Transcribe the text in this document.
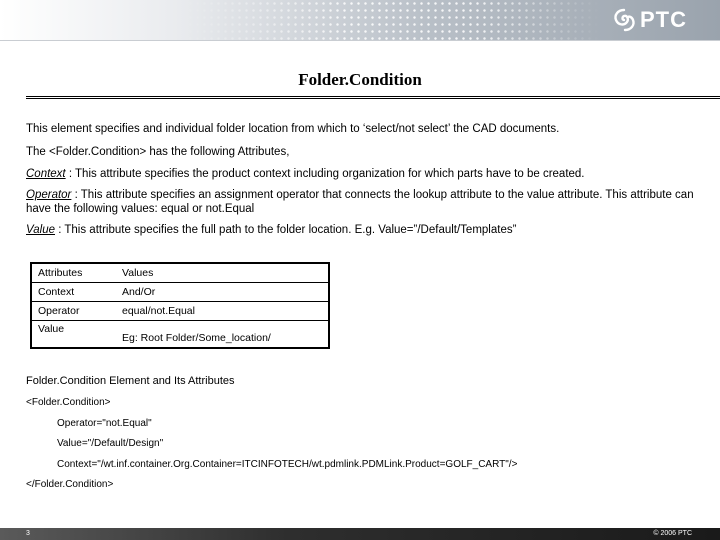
PTC
Folder.Condition
This element specifies and individual folder location from which to ‘select/not select’ the CAD documents.
The <Folder.Condition> has the following Attributes,
Context : This attribute specifies the product context including organization for which parts have to be created.
Operator : This attribute specifies an assignment operator that connects the lookup attribute to the value attribute. This attribute can have the following values: equal or not.Equal
Value : This attribute specifies the full path to the folder location. E.g. Value=”/Default/Templates”
Attributes	Values
Context	And/Or
Operator	equal/not.Equal
Value	Eg: Root Folder/Some_location/
Folder.Condition Element and Its Attributes
<Folder.Condition>
Operator="not.Equal"
Value="/Default/Design"
Context="/wt.inf.container.Org.Container=ITCINFOTECH/wt.pdmlink.PDMLink.Product=GOLF_CART"/>
</Folder.Condition>
3	© 2006 PTC
